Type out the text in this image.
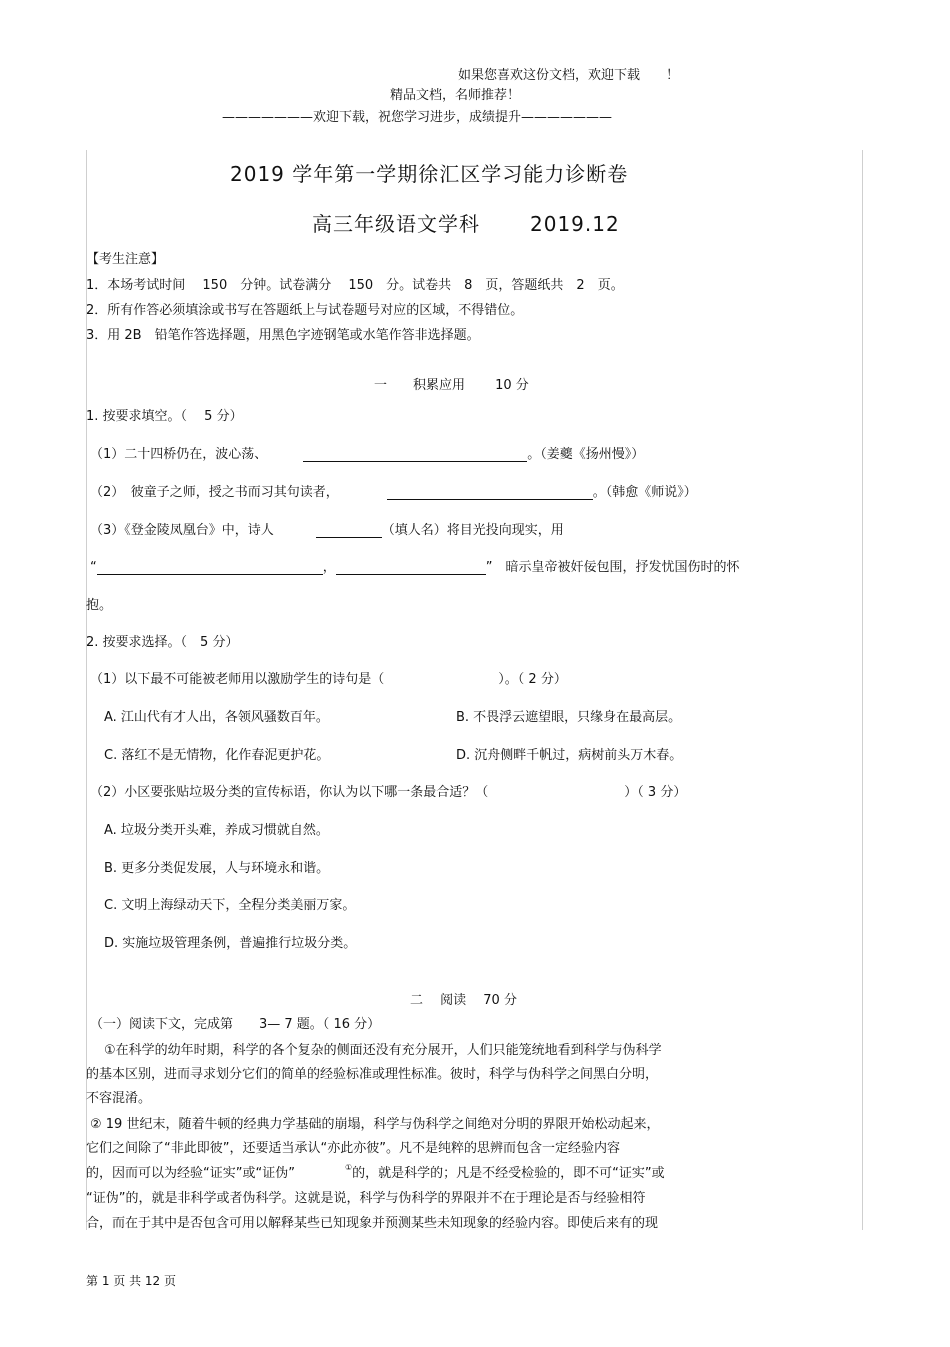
如果您喜欢这份文档，欢迎下载 ！
精品文档，名师推荐！
———————欢迎下载，祝您学习进步，成绩提升———————
2019 学年第一学期徐汇区学习能力诊断卷
高三年级语文学科	2019.12
【考生注意】
1．本场考试时间　 150　分钟。试卷满分　 150　分。试卷共　8　页，答题纸共　2　页。
2．所有作答必须填涂或书写在答题纸上与试卷题号对应的区域，不得错位。
3．用 2B　铅笔作答选择题，用黑色字迹钢笔或水笔作答非选择题。
一　　积累应用　　 10 分
1. 按要求填空。（　 5 分）
（1）二十四桥仍在，波心荡、	。（姜夔《扬州慢》）
（2）　彼童子之师，授之书而习其句读者，	。（韩愈《师说》）
（3）《登金陵凤凰台》中，诗人	（填人名）将目光投向现实，用
“	，	”　暗示皇帝被奸佞包围，抒发忧国伤时的怀
抱。
2. 按要求选择。（　5 分）
（1）以下最不可能被老师用以激励学生的诗句是（	）。（ 2 分）
A. 江山代有才人出，各领风骚数百年。	B. 不畏浮云遮望眼，只缘身在最高层。
C. 落红不是无情物，化作春泥更护花。	D. 沉舟侧畔千帆过，病树前头万木春。
（2）小区要张贴垃圾分类的宣传标语，你认为以下哪一条最合适？（	）（ 3 分）
A. 垃圾分类开头难，养成习惯就自然。
B. 更多分类促发展，人与环境永和谐。
C. 文明上海绿动天下，全程分类美丽万家。
D. 实施垃圾管理条例，普遍推行垃圾分类。
二　 阅读　 70 分
（一）阅读下文，完成第　　3— 7 题。（ 16 分）
①在科学的幼年时期，科学的各个复杂的侧面还没有充分展开，人们只能笼统地看到科学与伪科学
的基本区别，进而寻求划分它们的简单的经验标准或理性标准。彼时，科学与伪科学之间黑白分明，
不容混淆。
② 19 世纪末，随着牛顿的经典力学基础的崩塌，科学与伪科学之间绝对分明的界限开始松动起来，
它们之间除了“非此即彼”，还要适当承认“亦此亦彼”。凡不是纯粹的思辨而包含一定经验内容
的，因而可以为经验“证实”或“证伪”	①的，就是科学的；凡是不经受检验的，即不可“证实”或
“证伪”的，就是非科学或者伪科学。这就是说，科学与伪科学的界限并不在于理论是否与经验相符
合，而在于其中是否包含可用以解释某些已知现象并预测某些未知现象的经验内容。即使后来有的现
第 1 页 共 12 页
